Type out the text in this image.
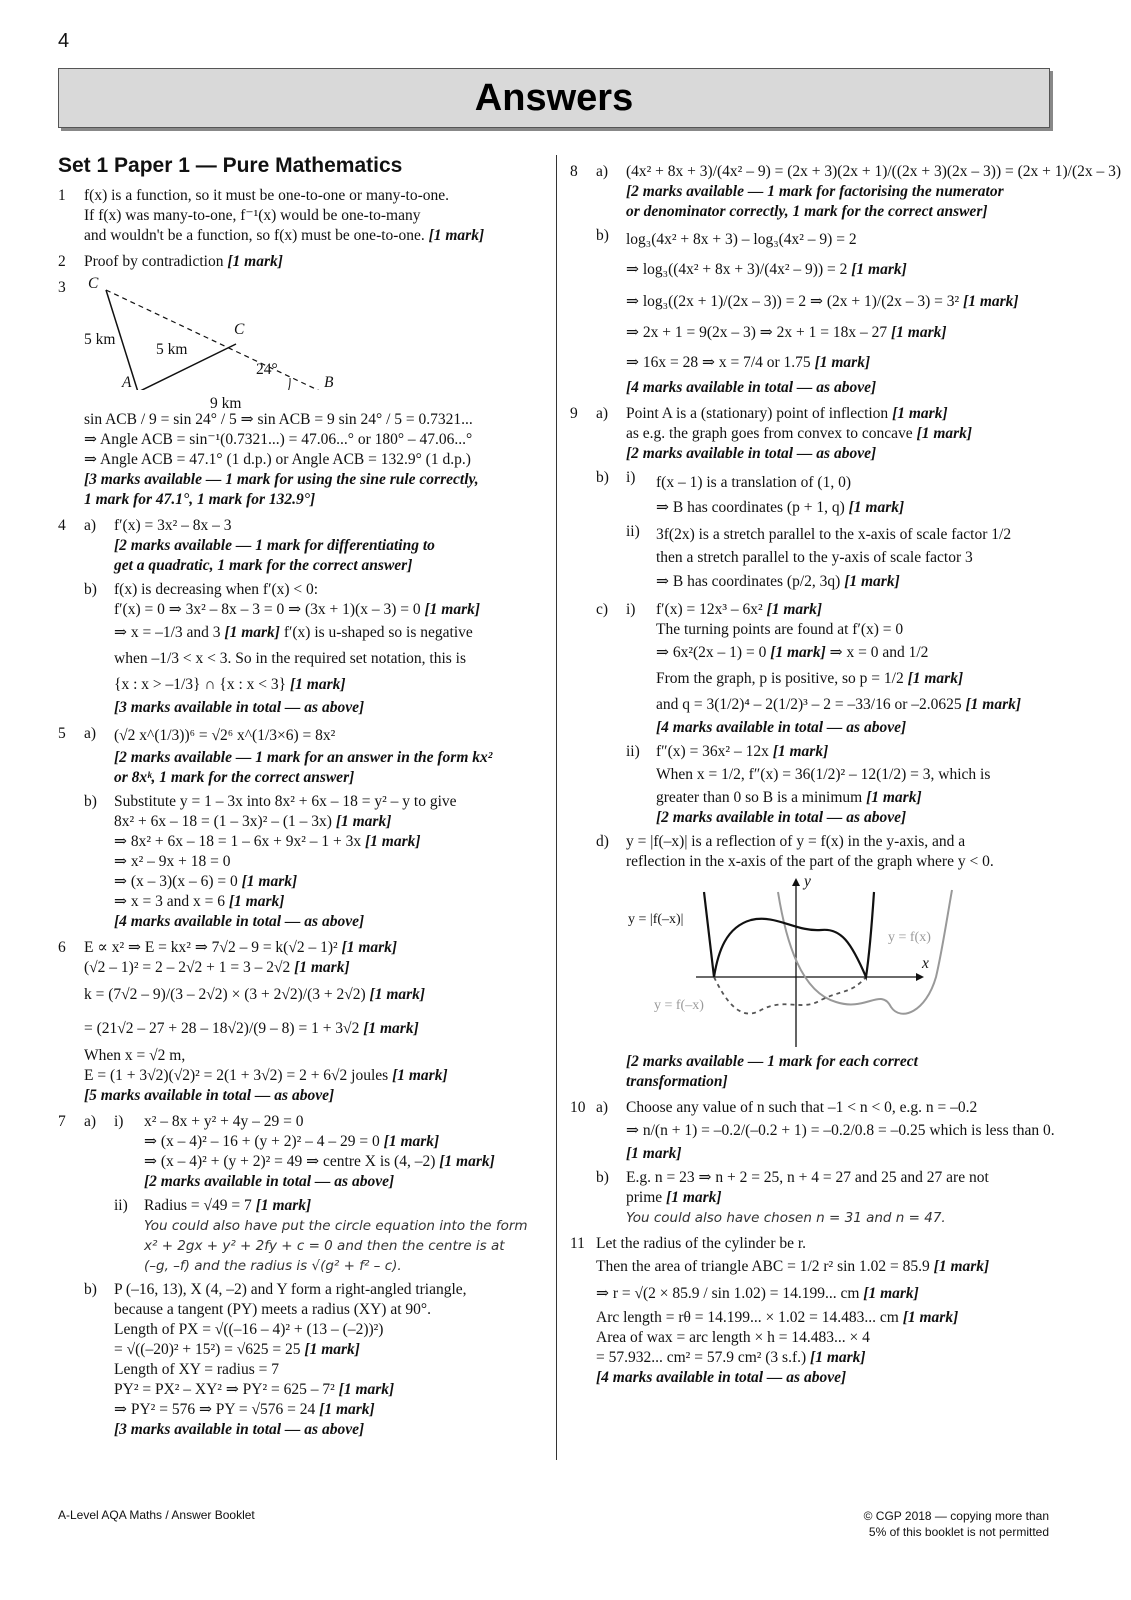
4
Answers
Set 1 Paper 1 — Pure Mathematics
1 f(x) is a function, so it must be one-to-one or many-to-one.
If f(x) was many-to-one, f⁻¹(x) would be one-to-many
and wouldn't be a function, so f(x) must be one-to-one. [1 mark]
2 Proof by contradiction [1 mark]
3 C
C
A	B
5 km
5 km
9 km
24°
sin ACB / 9 = sin 24° / 5 ⇒ sin ACB = 9 sin 24° / 5 = 0.7321...
⇒ Angle ACB = sin⁻¹(0.7321...) = 47.06...° or 180° – 47.06...°
⇒ Angle ACB = 47.1° (1 d.p.) or Angle ACB = 132.9° (1 d.p.)
[3 marks available — 1 mark for using the sine rule correctly,
1 mark for 47.1°, 1 mark for 132.9°]
4 a) f′(x) = 3x² – 8x – 3
[2 marks available — 1 mark for differentiating to
get a quadratic, 1 mark for the correct answer]
b) f(x) is decreasing when f′(x) < 0:
f′(x) = 0 ⇒ 3x² – 8x – 3 = 0 ⇒ (3x + 1)(x – 3) = 0 [1 mark]
⇒ x = –1/3 and 3 [1 mark] f′(x) is u-shaped so is negative
when –1/3 < x < 3. So in the required set notation, this is
{x : x > –1/3} ∩ {x : x < 3} [1 mark]
[3 marks available in total — as above]
5 a) (√2 x^(1/3))⁶ = √2⁶ x^(1/3×6) = 8x²
[2 marks available — 1 mark for an answer in the form kx²
or 8xᵏ, 1 mark for the correct answer]
b) Substitute y = 1 – 3x into 8x² + 6x – 18 = y² – y to give
8x² + 6x – 18 = (1 – 3x)² – (1 – 3x) [1 mark]
⇒ 8x² + 6x – 18 = 1 – 6x + 9x² – 1 + 3x [1 mark]
⇒ x² – 9x + 18 = 0
⇒ (x – 3)(x – 6) = 0 [1 mark]
⇒ x = 3 and x = 6 [1 mark]
[4 marks available in total — as above]
6 E ∝ x² ⇒ E = kx² ⇒ 7√2 – 9 = k(√2 – 1)² [1 mark]
(√2 – 1)² = 2 – 2√2 + 1 = 3 – 2√2 [1 mark]
k = (7√2 – 9)/(3 – 2√2) × (3 + 2√2)/(3 + 2√2) [1 mark]
= (21√2 – 27 + 28 – 18√2)/(9 – 8) = 1 + 3√2 [1 mark]
When x = √2 m,
E = (1 + 3√2)(√2)² = 2(1 + 3√2) = 2 + 6√2 joules [1 mark]
[5 marks available in total — as above]
7 a) i) x² – 8x + y² + 4y – 29 = 0
⇒ (x – 4)² – 16 + (y + 2)² – 4 – 29 = 0 [1 mark]
⇒ (x – 4)² + (y + 2)² = 49 ⇒ centre X is (4, –2) [1 mark]
[2 marks available in total — as above]
ii) Radius = √49 = 7 [1 mark]
You could also have put the circle equation into the form
x² + 2gx + y² + 2fy + c = 0 and then the centre is at
(–g, –f) and the radius is √(g² + f² – c).
b) P (–16, 13), X (4, –2) and Y form a right-angled triangle,
because a tangent (PY) meets a radius (XY) at 90°.
Length of PX = √((–16 – 4)² + (13 – (–2))²)
= √((–20)² + 15²) = √625 = 25 [1 mark]
Length of XY = radius = 7
PY² = PX² – XY² ⇒ PY² = 625 – 7² [1 mark]
⇒ PY² = 576 ⇒ PY = √576 = 24 [1 mark]
[3 marks available in total — as above]
8 a) (4x² + 8x + 3)/(4x² – 9) = (2x + 3)(2x + 1)/((2x + 3)(2x – 3)) = (2x + 1)/(2x – 3)
[2 marks available — 1 mark for factorising the numerator
or denominator correctly, 1 mark for the correct answer]
b) log₃(4x² + 8x + 3) – log₃(4x² – 9) = 2
⇒ log₃((4x² + 8x + 3)/(4x² – 9)) = 2 [1 mark]
⇒ log₃((2x + 1)/(2x – 3)) = 2 ⇒ (2x + 1)/(2x – 3) = 3² [1 mark]
⇒ 2x + 1 = 9(2x – 3) ⇒ 2x + 1 = 18x – 27 [1 mark]
⇒ 16x = 28 ⇒ x = 7/4 or 1.75 [1 mark]
[4 marks available in total — as above]
9 a) Point A is a (stationary) point of inflection [1 mark]
as e.g. the graph goes from convex to concave [1 mark]
[2 marks available in total — as above]
b) i) f(x – 1) is a translation of (1, 0)
⇒ B has coordinates (p + 1, q) [1 mark]
ii) 3f(2x) is a stretch parallel to the x-axis of scale factor 1/2
then a stretch parallel to the y-axis of scale factor 3
⇒ B has coordinates (p/2, 3q) [1 mark]
c) i) f′(x) = 12x³ – 6x² [1 mark]
The turning points are found at f′(x) = 0
⇒ 6x²(2x – 1) = 0 [1 mark] ⇒ x = 0 and 1/2
From the graph, p is positive, so p = 1/2 [1 mark]
and q = 3(1/2)⁴ – 2(1/2)³ – 2 = –33/16 or –2.0625 [1 mark]
[4 marks available in total — as above]
ii) f″(x) = 36x² – 12x [1 mark]
When x = 1/2, f″(x) = 36(1/2)² – 12(1/2) = 3, which is
greater than 0 so B is a minimum [1 mark]
[2 marks available in total — as above]
d) y = |f(–x)| is a reflection of y = f(x) in the y-axis, and a
reflection in the x-axis of the part of the graph where y < 0.
y
x
y = |f(–x)|
y = f(x)
y = f(–x)
[2 marks available — 1 mark for each correct
transformation]
10 a) Choose any value of n such that –1 < n < 0, e.g. n = –0.2
⇒ n/(n + 1) = –0.2/(–0.2 + 1) = –0.2/0.8 = –0.25 which is less than 0.
[1 mark]
b) E.g. n = 23 ⇒ n + 2 = 25, n + 4 = 27 and 25 and 27 are not
prime [1 mark]
You could also have chosen n = 31 and n = 47.
11 Let the radius of the cylinder be r.
Then the area of triangle ABC = 1/2 r² sin 1.02 = 85.9 [1 mark]
⇒ r = √(2 × 85.9 / sin 1.02) = 14.199... cm [1 mark]
Arc length = rθ = 14.199... × 1.02 = 14.483... cm [1 mark]
Area of wax = arc length × h = 14.483... × 4
= 57.932... cm² = 57.9 cm² (3 s.f.) [1 mark]
[4 marks available in total — as above]
A-Level AQA Maths / Answer Booklet	© CGP 2018 — copying more than
5% of this booklet is not permitted
